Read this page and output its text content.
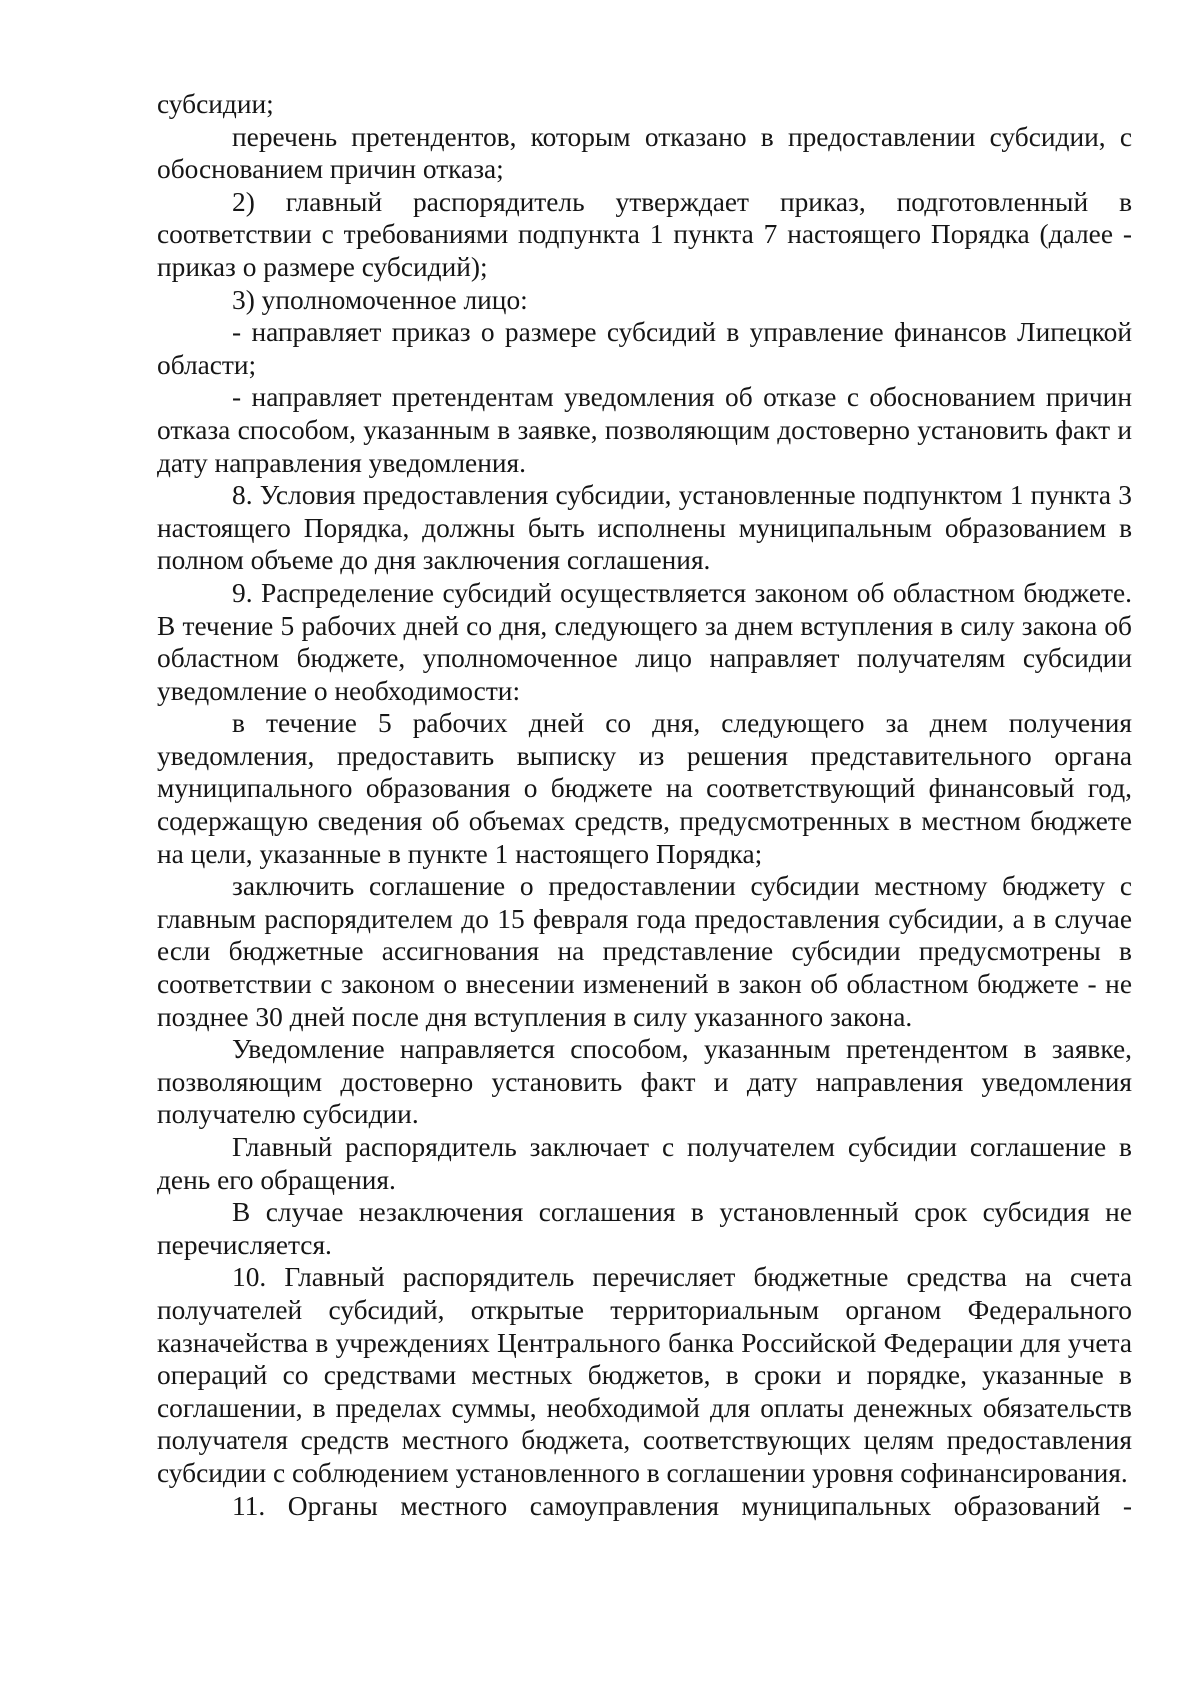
субсидии;

перечень претендентов, которым отказано в предоставлении субсидии, с обоснованием причин отказа;

2) главный распорядитель утверждает приказ, подготовленный в соответствии с требованиями подпункта 1 пункта 7 настоящего Порядка (далее - приказ о размере субсидий);

3) уполномоченное лицо:

- направляет приказ о размере субсидий в управление финансов Липецкой области;

- направляет претендентам уведомления об отказе с обоснованием причин отказа способом, указанным в заявке, позволяющим достоверно установить факт и дату направления уведомления.

8. Условия предоставления субсидии, установленные подпунктом 1 пункта 3 настоящего Порядка, должны быть исполнены муниципальным образованием в полном объеме до дня заключения соглашения.

9. Распределение субсидий осуществляется законом об областном бюджете. В течение 5 рабочих дней со дня, следующего за днем вступления в силу закона об областном бюджете, уполномоченное лицо направляет получателям субсидии уведомление о необходимости:

в течение 5 рабочих дней со дня, следующего за днем получения уведомления, предоставить выписку из решения представительного органа муниципального образования о бюджете на соответствующий финансовый год, содержащую сведения об объемах средств, предусмотренных в местном бюджете на цели, указанные в пункте 1 настоящего Порядка;

заключить соглашение о предоставлении субсидии местному бюджету с главным распорядителем до 15 февраля года предоставления субсидии, а в случае если бюджетные ассигнования на представление субсидии предусмотрены в соответствии с законом о внесении изменений в закон об областном бюджете - не позднее 30 дней после дня вступления в силу указанного закона.

Уведомление направляется способом, указанным претендентом в заявке, позволяющим достоверно установить факт и дату направления уведомления получателю субсидии.

Главный распорядитель заключает с получателем субсидии соглашение в день его обращения.

В случае незаключения соглашения в установленный срок субсидия не перечисляется.

10. Главный распорядитель перечисляет бюджетные средства на счета получателей субсидий, открытые территориальным органом Федерального казначейства в учреждениях Центрального банка Российской Федерации для учета операций со средствами местных бюджетов, в сроки и порядке, указанные в соглашении, в пределах суммы, необходимой для оплаты денежных обязательств получателя средств местного бюджета, соответствующих целям предоставления субсидии с соблюдением установленного в соглашении уровня софинансирования.

11. Органы местного самоуправления муниципальных образований -
